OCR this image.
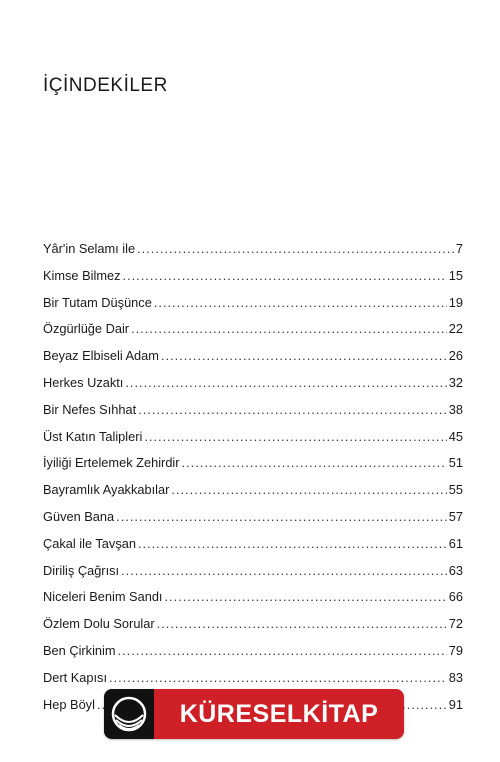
İÇİNDEKİLER
Yâr'in Selamı ile .....	7
Kimse Bilmez .....	15
Bir Tutam Düşünce .....	19
Özgürlüğe Dair .....	22
Beyaz Elbiseli Adam .....	26
Herkes Uzaktı .....	32
Bir Nefes Sıhhat .....	38
Üst Katın Talipleri .....	45
İyiliği Ertelemek Zehirdir .....	51
Bayramlık Ayakkabılar .....	55
Güven Bana .....	57
Çakal ile Tavşan .....	61
Diriliş Çağrısı .....	63
Niceleri Benim Sandı .....	66
Özlem Dolu Sorular .....	72
Ben Çirkinim .....	79
Dert Kapısı .....	83
Hep Böyl .....	91
KÜRESELKİTAP
